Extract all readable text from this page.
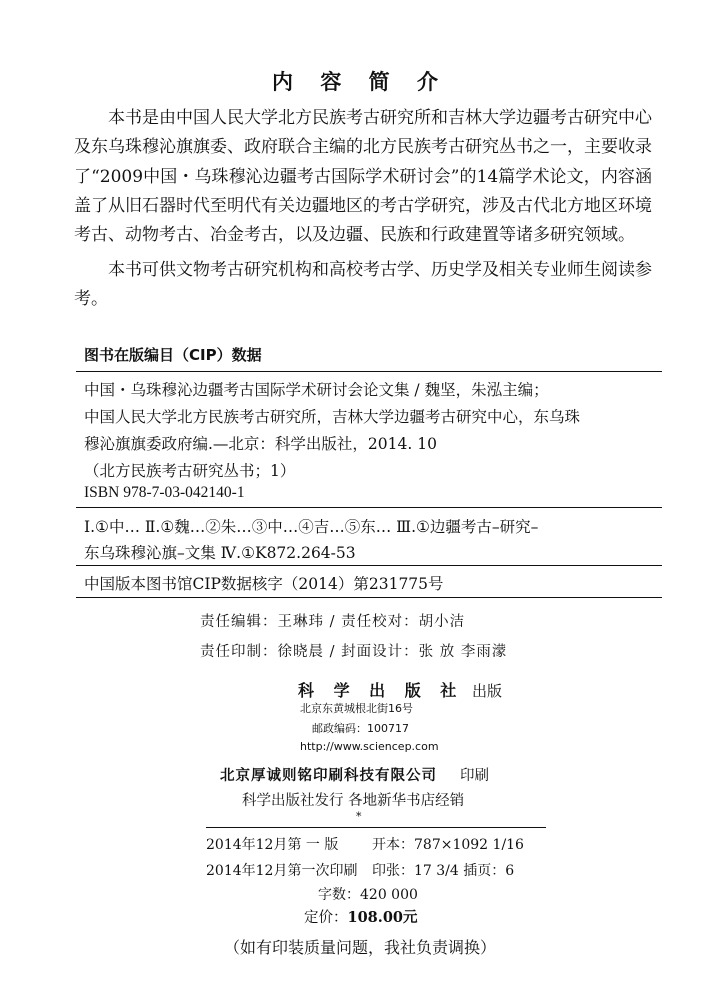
内 容 简 介

本书是由中国人民大学北方民族考古研究所和吉林大学边疆考古研究中心及东乌珠穆沁旗旗委、政府联合主编的北方民族考古研究丛书之一，主要收录了“2009中国・乌珠穆沁边疆考古国际学术研讨会”的14篇学术论文，内容涵盖了从旧石器时代至明代有关边疆地区的考古学研究，涉及古代北方地区环境考古、动物考古、冶金考古，以及边疆、民族和行政建置等诸多研究领域。

本书可供文物考古研究机构和高校考古学、历史学及相关专业师生阅读参考。

图书在版编目（CIP）数据
中国・乌珠穆沁边疆考古国际学术研讨会论文集 / 魏坚，朱泓主编；
中国人民大学北方民族考古研究所，吉林大学边疆考古研究中心，东乌珠
穆沁旗旗委政府编.—北京：科学出版社，2014. 10
（北方民族考古研究丛书；1）
ISBN 978-7-03-042140-1
Ⅰ.①中… Ⅱ.①魏…②朱…③中…④吉…⑤东… Ⅲ.①边疆考古–研究–
东乌珠穆沁旗–文集 Ⅳ.①K872.264-53
中国版本图书馆CIP数据核字（2014）第231775号
责任编辑：王琳玮 / 责任校对：胡小洁
责任印制：徐晓晨 / 封面设计：张 放 李雨濛
科 学 出 版 社 出版
北京东黄城根北街16号
邮政编码：100717
http://www.sciencep.com
北京厚诚则铭印刷科技有限公司 印刷
科学出版社发行 各地新华书店经销
*
2014年12月第 一 版 开本：787×1092 1/16
2014年12月第一次印刷 印张：17 3/4 插页：6
字数：420 000
定价：108.00元
（如有印装质量问题，我社负责调换）
